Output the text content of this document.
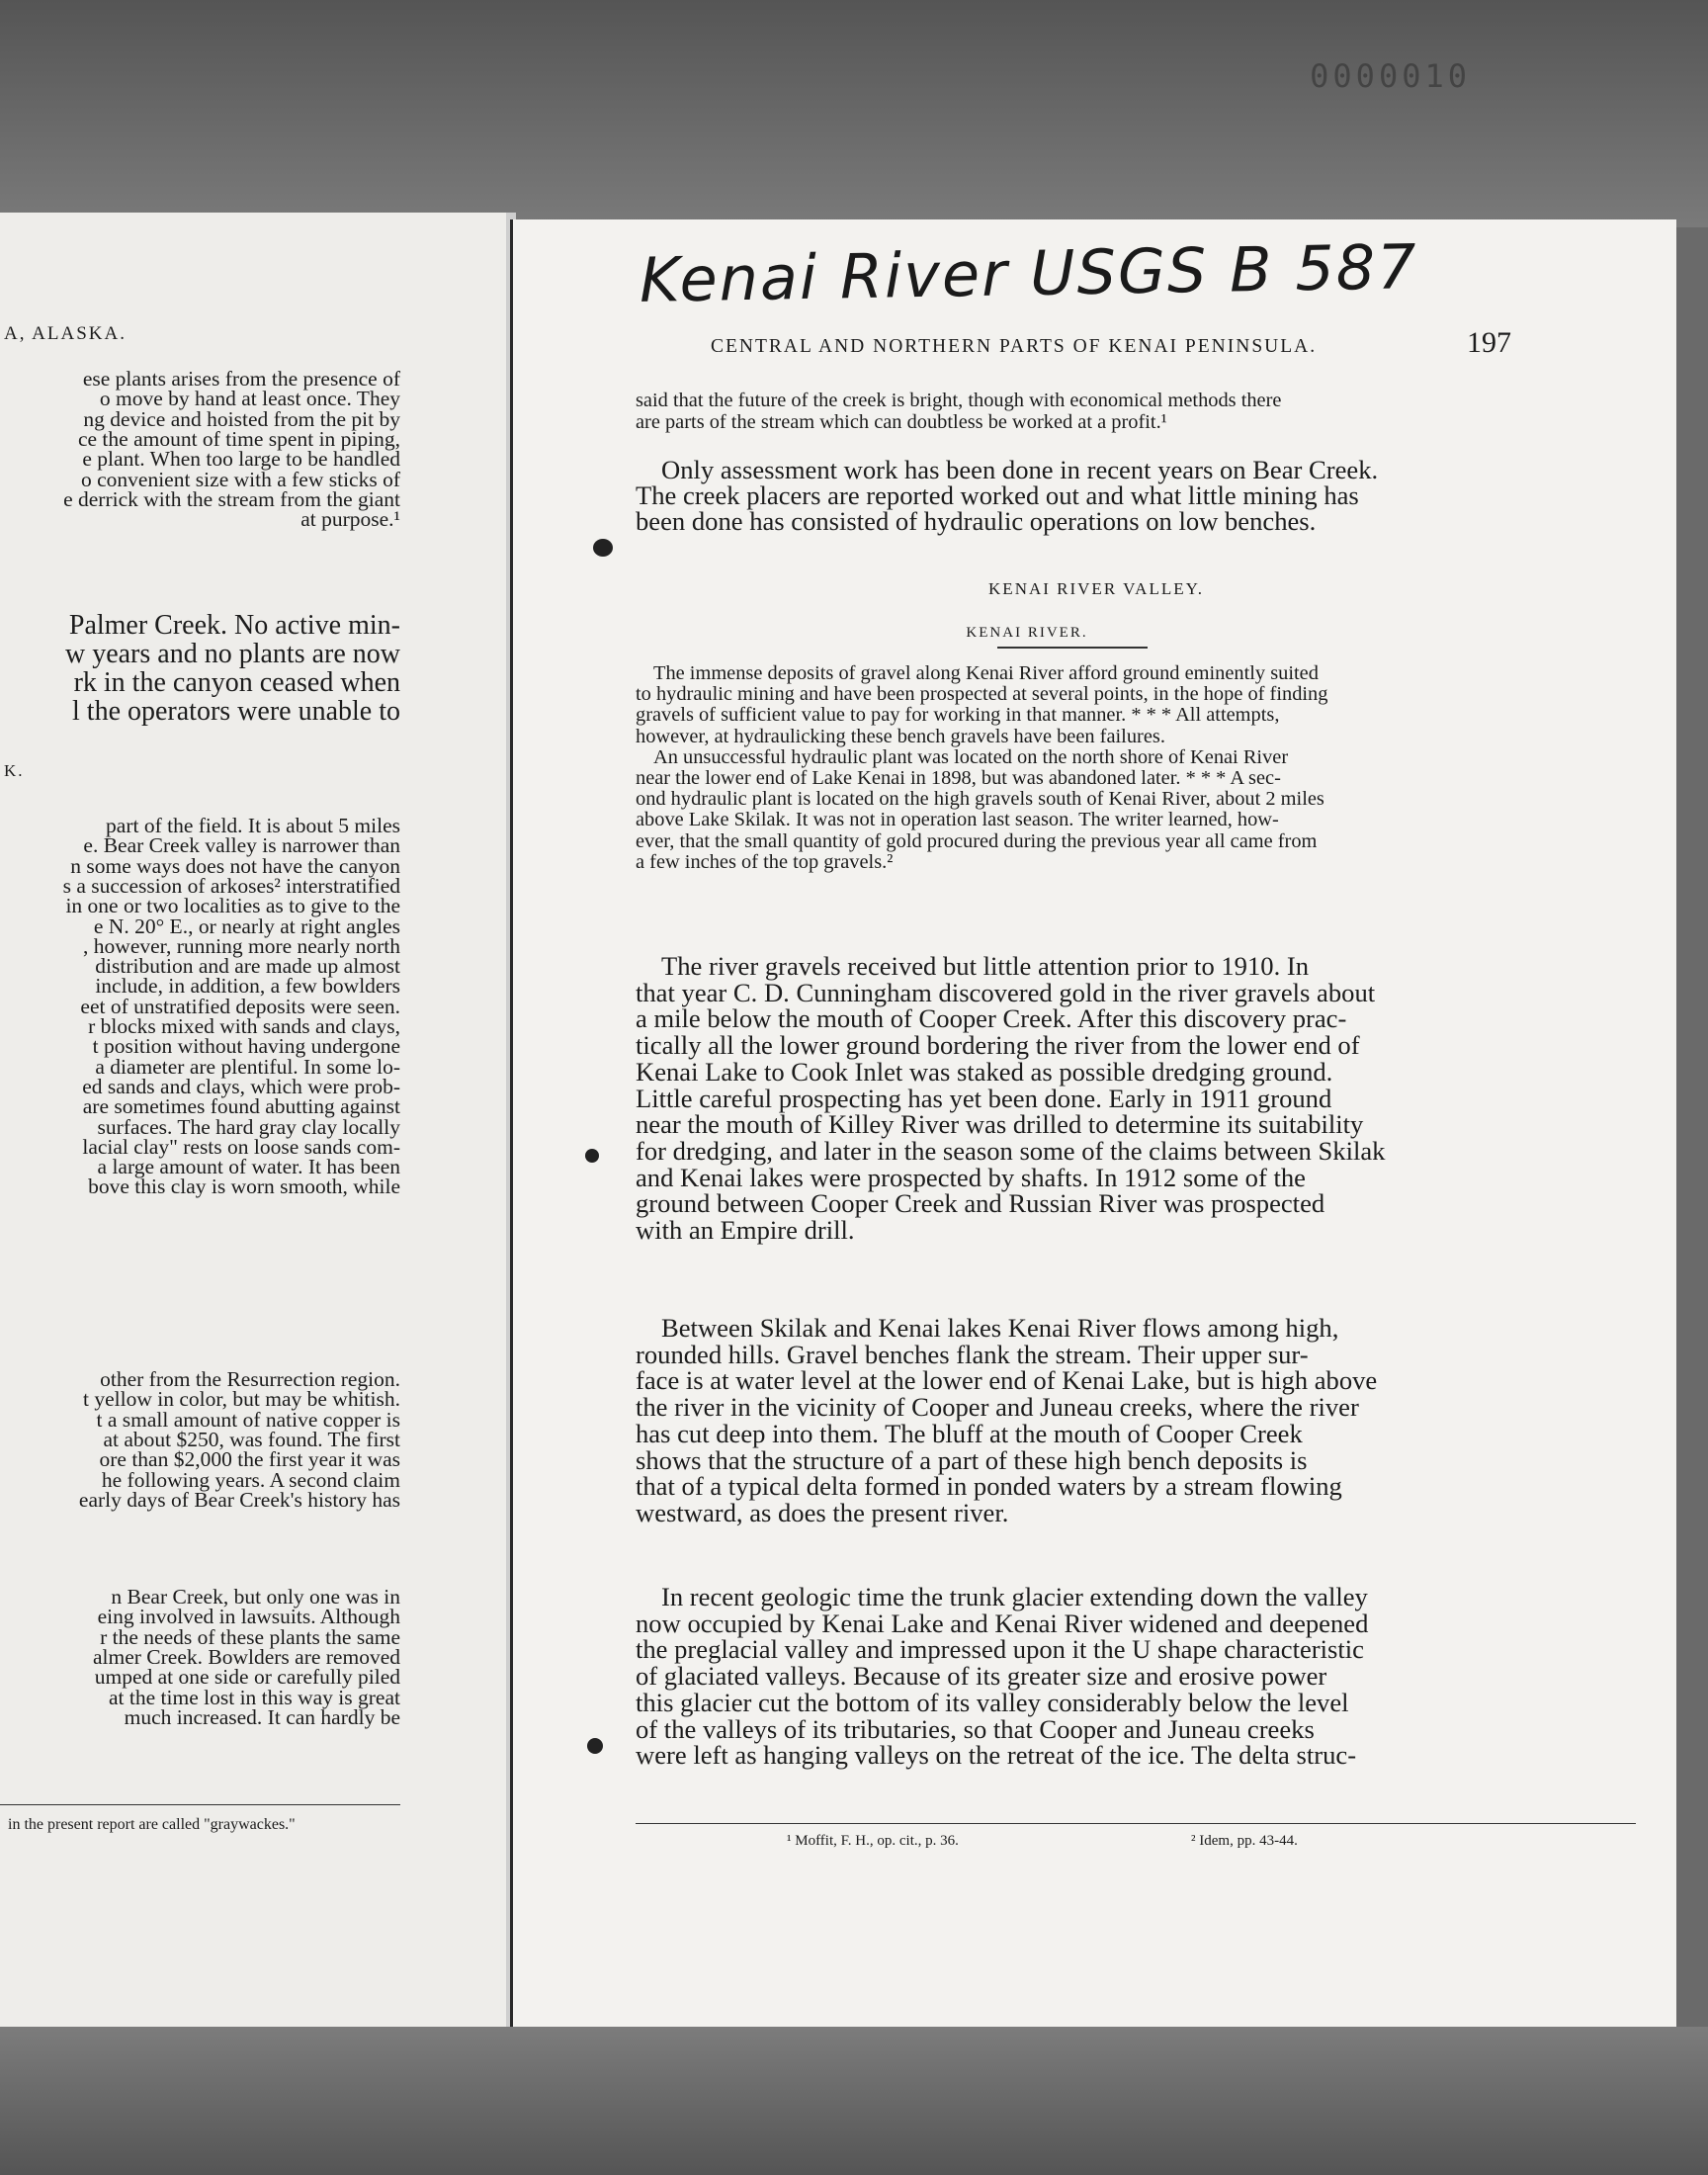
0000010
A, ALASKA.
ese plants arises from the presence of
o move by hand at least once. They
ng device and hoisted from the pit by
ce the amount of time spent in piping,
e plant. When too large to be handled
o convenient size with a few sticks of
e derrick with the stream from the giant
at purpose.¹
Palmer Creek. No active min-
w years and no plants are now
rk in the canyon ceased when
l the operators were unable to
K.
part of the field. It is about 5 miles
e. Bear Creek valley is narrower than
n some ways does not have the canyon
s a succession of arkoses² interstratified
in one or two localities as to give to the
e N. 20° E., or nearly at right angles
, however, running more nearly north
distribution and are made up almost
include, in addition, a few bowlders
eet of unstratified deposits were seen.
r blocks mixed with sands and clays,
t position without having undergone
a diameter are plentiful. In some lo-
ed sands and clays, which were prob-
are sometimes found abutting against
surfaces. The hard gray clay locally
lacial clay" rests on loose sands com-
a large amount of water. It has been
bove this clay is worn smooth, while
other from the Resurrection region.
t yellow in color, but may be whitish.
t a small amount of native copper is
at about $250, was found. The first
ore than $2,000 the first year it was
he following years. A second claim
early days of Bear Creek's history has
n Bear Creek, but only one was in
eing involved in lawsuits. Although
r the needs of these plants the same
almer Creek. Bowlders are removed
umped at one side or carefully piled
at the time lost in this way is great
much increased. It can hardly be
in the present report are called "graywackes."
Kenai River USGS B 587
CENTRAL AND NORTHERN PARTS OF KENAI PENINSULA.	197
said that the future of the creek is bright, though with economical methods there
are parts of the stream which can doubtless be worked at a profit.¹
Only assessment work has been done in recent years on Bear Creek.
The creek placers are reported worked out and what little mining has
been done has consisted of hydraulic operations on low benches.
KENAI RIVER VALLEY.
KENAI RIVER.
The immense deposits of gravel along Kenai River afford ground eminently suited
to hydraulic mining and have been prospected at several points, in the hope of finding
gravels of sufficient value to pay for working in that manner. * * * All attempts,
however, at hydraulicking these bench gravels have been failures.
An unsuccessful hydraulic plant was located on the north shore of Kenai River
near the lower end of Lake Kenai in 1898, but was abandoned later. * * * A sec-
ond hydraulic plant is located on the high gravels south of Kenai River, about 2 miles
above Lake Skilak. It was not in operation last season. The writer learned, how-
ever, that the small quantity of gold procured during the previous year all came from
a few inches of the top gravels.²
The river gravels received but little attention prior to 1910. In
that year C. D. Cunningham discovered gold in the river gravels about
a mile below the mouth of Cooper Creek. After this discovery prac-
tically all the lower ground bordering the river from the lower end of
Kenai Lake to Cook Inlet was staked as possible dredging ground.
Little careful prospecting has yet been done. Early in 1911 ground
near the mouth of Killey River was drilled to determine its suitability
for dredging, and later in the season some of the claims between Skilak
and Kenai lakes were prospected by shafts. In 1912 some of the
ground between Cooper Creek and Russian River was prospected
with an Empire drill.
Between Skilak and Kenai lakes Kenai River flows among high,
rounded hills. Gravel benches flank the stream. Their upper sur-
face is at water level at the lower end of Kenai Lake, but is high above
the river in the vicinity of Cooper and Juneau creeks, where the river
has cut deep into them. The bluff at the mouth of Cooper Creek
shows that the structure of a part of these high bench deposits is
that of a typical delta formed in ponded waters by a stream flowing
westward, as does the present river.
In recent geologic time the trunk glacier extending down the valley
now occupied by Kenai Lake and Kenai River widened and deepened
the preglacial valley and impressed upon it the U shape characteristic
of glaciated valleys. Because of its greater size and erosive power
this glacier cut the bottom of its valley considerably below the level
of the valleys of its tributaries, so that Cooper and Juneau creeks
were left as hanging valleys on the retreat of the ice. The delta struc-
¹ Moffit, F. H., op. cit., p. 36.	² Idem, pp. 43-44.
